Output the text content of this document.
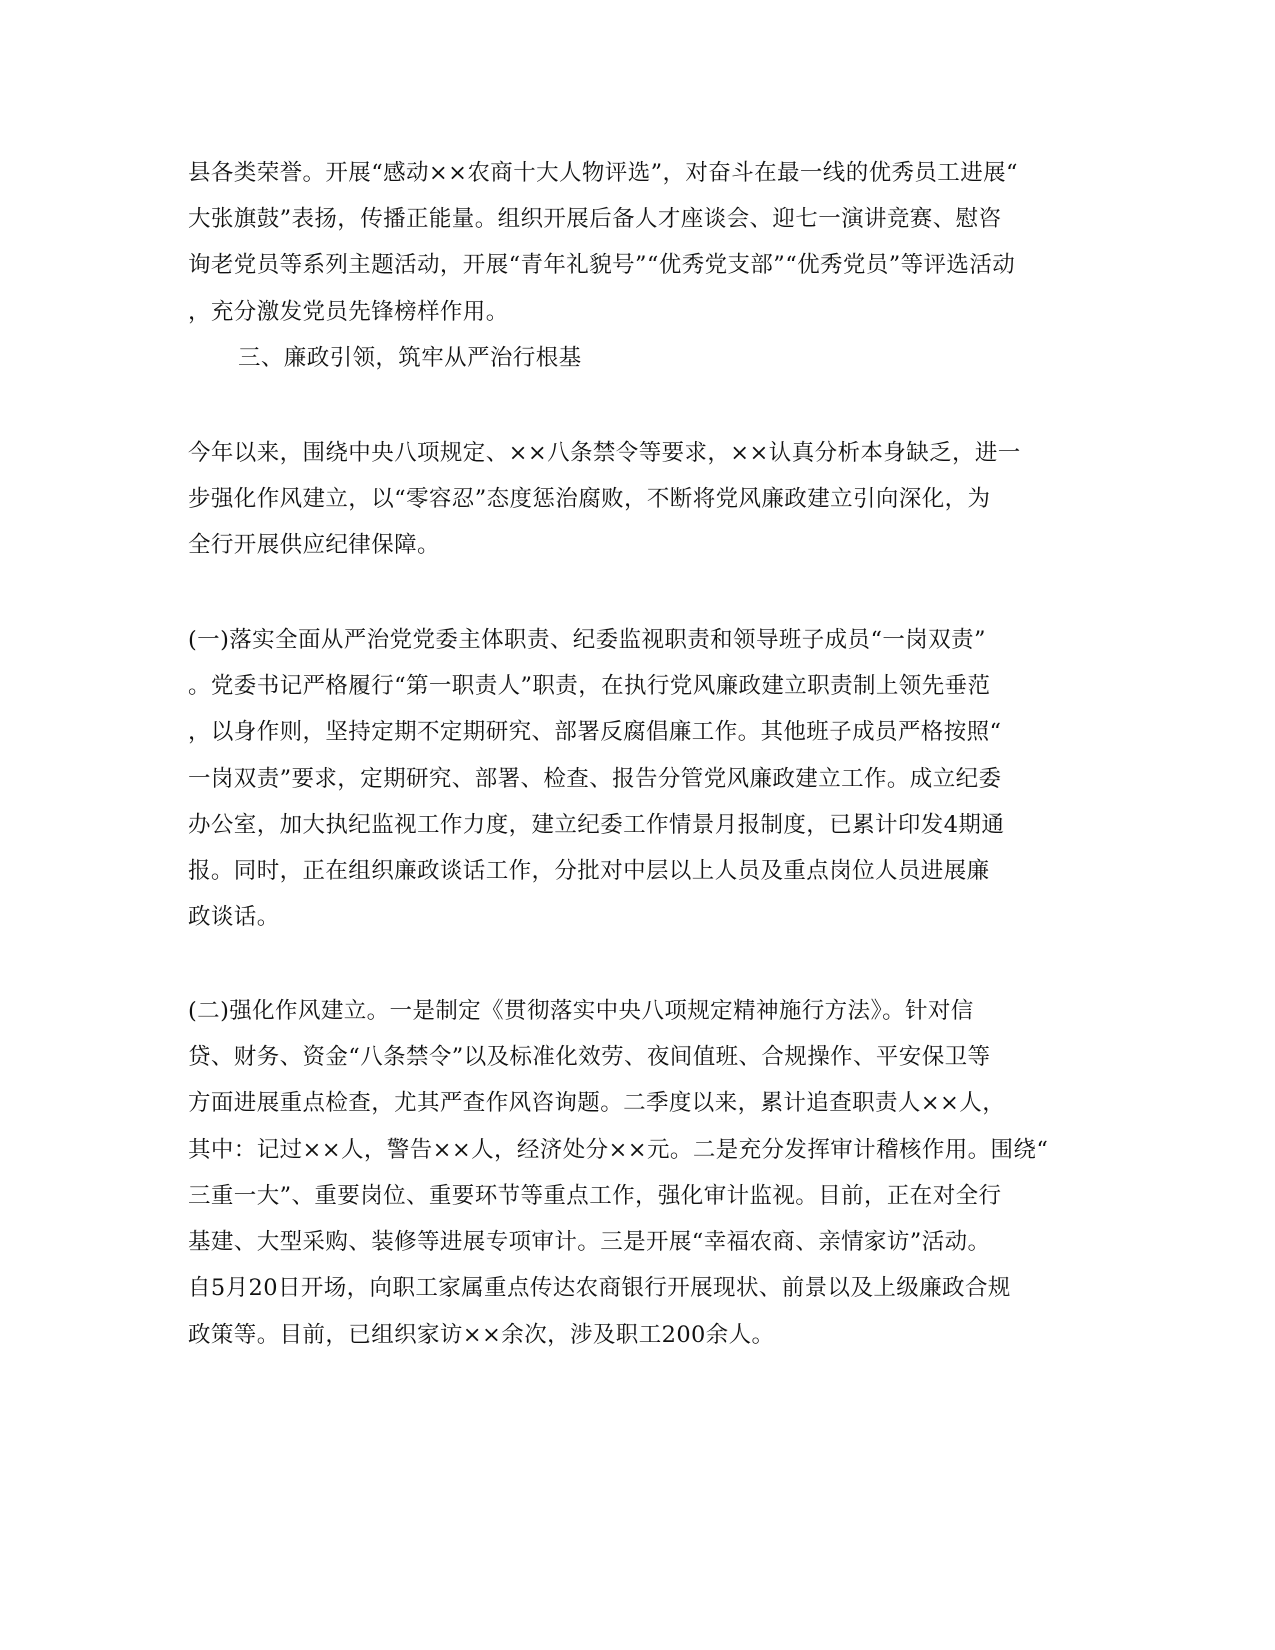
县各类荣誉。开展“感动××农商十大人物评选”，对奋斗在最一线的优秀员工进展“
大张旗鼓”表扬，传播正能量。组织开展后备人才座谈会、迎七一演讲竞赛、慰咨
询老党员等系列主题活动，开展“青年礼貌号”“优秀党支部”“优秀党员”等评选活动
，充分激发党员先锋榜样作用。
三、廉政引领，筑牢从严治行根基
今年以来，围绕中央八项规定、××八条禁令等要求，××认真分析本身缺乏，进一
步强化作风建立，以“零容忍”态度惩治腐败，不断将党风廉政建立引向深化，为
全行开展供应纪律保障。
(一)落实全面从严治党党委主体职责、纪委监视职责和领导班子成员“一岗双责”
。党委书记严格履行“第一职责人”职责，在执行党风廉政建立职责制上领先垂范
，以身作则，坚持定期不定期研究、部署反腐倡廉工作。其他班子成员严格按照“
一岗双责”要求，定期研究、部署、检查、报告分管党风廉政建立工作。成立纪委
办公室，加大执纪监视工作力度，建立纪委工作情景月报制度，已累计印发4期通
报。同时，正在组织廉政谈话工作，分批对中层以上人员及重点岗位人员进展廉
政谈话。
(二)强化作风建立。一是制定《贯彻落实中央八项规定精神施行方法》。针对信
贷、财务、资金“八条禁令”以及标准化效劳、夜间值班、合规操作、平安保卫等
方面进展重点检查，尤其严查作风咨询题。二季度以来，累计追查职责人××人，
其中：记过××人，警告××人，经济处分××元。二是充分发挥审计稽核作用。围绕“
三重一大”、重要岗位、重要环节等重点工作，强化审计监视。目前，正在对全行
基建、大型采购、装修等进展专项审计。三是开展“幸福农商、亲情家访”活动。
自5月20日开场，向职工家属重点传达农商银行开展现状、前景以及上级廉政合规
政策等。目前，已组织家访××余次，涉及职工200余人。
